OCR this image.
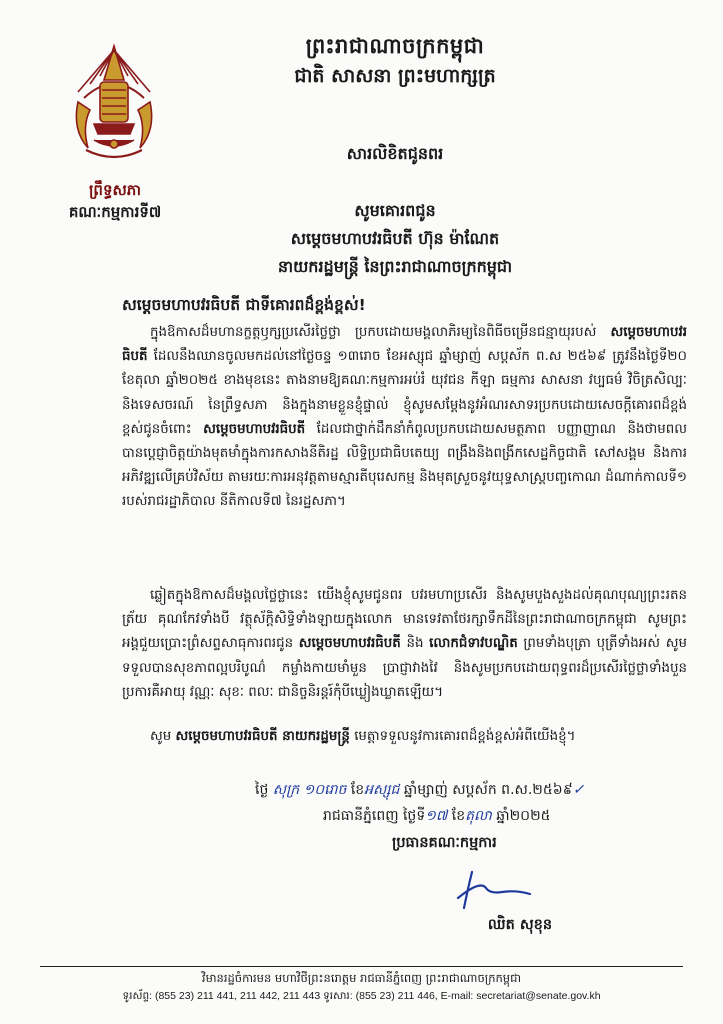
ព្រះរាជាណាចក្រកម្ពុជា
ជាតិ សាសនា ព្រះមហាក្សត្រ
ព្រឹទ្ធសភា
គណៈកម្មការទី៧
សារលិខិតជូនពរ
សូមគោរពជូន
សម្តេចមហាបវរធិបតី ហ៊ុន ម៉ាណែត
នាយករដ្ឋមន្ត្រី នៃព្រះរាជាណាចក្រកម្ពុជា
សម្តេចមហាបវរធិបតី ជាទីគោរពដ៏ខ្ពង់ខ្ពស់!
ក្នុងឱកាសដ៏មហានក្ខត្តឫក្សប្រសើរថ្លៃថ្លា ប្រកបដោយមង្គលាភិរម្យនៃពិធីចម្រើនជន្មាយុរបស់ សម្តេចមហាបវរធិបតី ដែលនឹងឈានចូលមកដល់នៅថ្ងៃចន្ទ ១៣រោច ខែអស្សុជ ឆ្នាំម្សាញ់ សប្តស័ក ព.ស ២៥៦៩ ត្រូវនឹងថ្ងៃទី២០ ខែតុលា ឆ្នាំ២០២៥ ខាងមុខនេះ តាងនាមឱ្យគណៈកម្មការអប់រំ យុវជន កីឡា ធម្មការ សាសនា វប្បធម៌ វិចិត្រសិល្បៈ និងទេសចរណ៍ នៃព្រឹទ្ធសភា និងក្នុងនាមខ្លួនខ្ញុំផ្ទាល់ ខ្ញុំសូមសម្តែងនូវអំណរសាទរប្រកបដោយសេចក្តីគោរពដ៏ខ្ពង់ខ្ពស់ជូនចំពោះ សម្តេចមហាបវរធិបតី ដែលជាថ្នាក់ដឹកនាំកំពូលប្រកបដោយសមត្ថភាព បញ្ញាញាណ និងថាមពល បានប្តេជ្ញាចិត្តយ៉ាងមុតមាំក្នុងការកសាងនីតិរដ្ឋ លិទ្ធិប្រជាធិបតេយ្យ ពង្រឹងនិងពង្រីកសេដ្ឋកិច្ចជាតិ សៅសង្គម និងការអភិវឌ្ឍលើគ្រប់វិស័យ តាមរយៈការអនុវត្តតាមស្មារតីបុរេសកម្ម និងមុតស្រួចនូវយុទ្ធសាស្ត្របញ្ចកោណ ដំណាក់កាលទី១ របស់រាជរដ្ឋាភិបាល នីតិកាលទី៧ នៃរដ្ឋសភា។
ឆ្លៀតក្នុងឱកាសដ៏មង្គលថ្លៃថ្លានេះ យើងខ្ញុំសូមជូនពរ បវរមហាប្រសើរ និងសូមបួងសួងដល់គុណបុណ្យព្រះរតនត្រ័យ គុណកែវទាំងបី វត្ថុស័ក្តិសិទ្ធិទាំងឡាយក្នុងលោក មានទេវតាថែរក្សាទឹកដីនៃព្រះរាជាណាចក្រកម្ពុជា សូមព្រះអង្គជួយប្រោះព្រំសព្ទសាធុការពរជូន សម្តេចមហាបវរធិបតី និង លោកជំទាវបណ្ឌិត ព្រមទាំងបុត្រា បុត្រីទាំងអស់ សូមទទួលបានសុខភាពល្អបរិបូណ៌ កម្លាំងកាយមាំមួន ប្រាជ្ញាវាងវៃ និងសូមប្រកបដោយពុទ្ធពរដ៏ប្រសើរថ្លៃថ្លាទាំងបួនប្រការគឺអាយុ វណ្ណៈ សុខៈ ពលៈ ជានិច្ចនិរន្តរ៍កុំបីឃ្លៀងឃ្លាតឡើយ។
សូម សម្តេចមហាបវរធិបតី នាយករដ្ឋមន្ត្រី មេត្តាទទួលនូវការគោរពដ៏ខ្ពង់ខ្ពស់អំពីយើងខ្ញុំ។
ថ្ងៃ សុក្រ ១០រោច ខែអស្សុជ ឆ្នាំម្សាញ់ សប្តស័ក ព.ស.២៥៦៩✓
រាជធានីភ្នំពេញ ថ្ងៃទី១៧ ខែតុលា ឆ្នាំ២០២៥
ប្រធានគណៈកម្មការ
ឈិត សុខុន
វិមានរដ្ឋចំការមន មហាវិថីព្រះនរោត្តម រាជធានីភ្នំពេញ ព្រះរាជាណាចក្រកម្ពុជា
ទូរស័ព្ទ: (855 23) 211 441, 211 442, 211 443 ទូរសារ: (855 23) 211 446, E-mail: secretariat@senate.gov.kh
